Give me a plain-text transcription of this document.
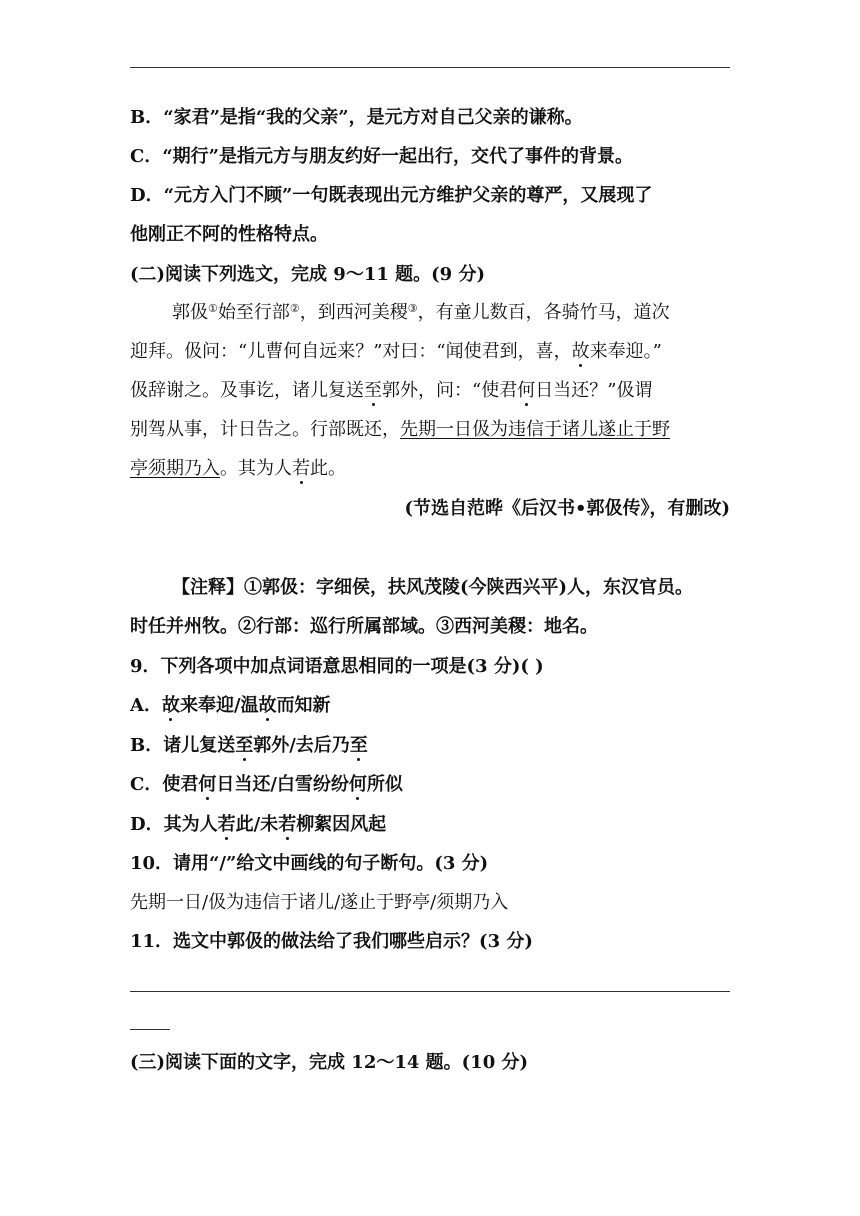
B．“家君”是指“我的父亲”，是元方对自己父亲的谦称。
C．“期行”是指元方与朋友约好一起出行，交代了事件的背景。
D．“元方入门不顾”一句既表现出元方维护父亲的尊严，又展现了
他刚正不阿的性格特点。
(二)阅读下列选文，完成 9～11 题。(9 分)
郭伋①始至行部②，到西河美稷③，有童儿数百，各骑竹马，道次
迎拜。伋问：“儿曹何自远来？”对曰：“闻使君到，喜，故来奉迎。”
伋辞谢之。及事讫，诸儿复送至郭外，问：“使君何日当还？”伋谓
别驾从事，计日告之。行部既还，先期一日伋为违信于诸儿遂止于野
亭须期乃入。其为人若此。
(节选自范晔《后汉书•郭伋传》，有删改)
【注释】①郭伋：字细侯，扶风茂陵(今陕西兴平)人，东汉官员。
时任并州牧。②行部：巡行所属部域。③西河美稷：地名。
9．下列各项中加点词语意思相同的一项是(3 分)( )
A．故来奉迎/温故而知新
B．诸儿复送至郭外/去后乃至
C．使君何日当还/白雪纷纷何所似
D．其为人若此/未若柳絮因风起
10．请用“/”给文中画线的句子断句。(3 分)
先期一日/伋为违信于诸儿/遂止于野亭/须期乃入
11．选文中郭伋的做法给了我们哪些启示？(3 分)
(三)阅读下面的文字，完成 12～14 题。(10 分)
